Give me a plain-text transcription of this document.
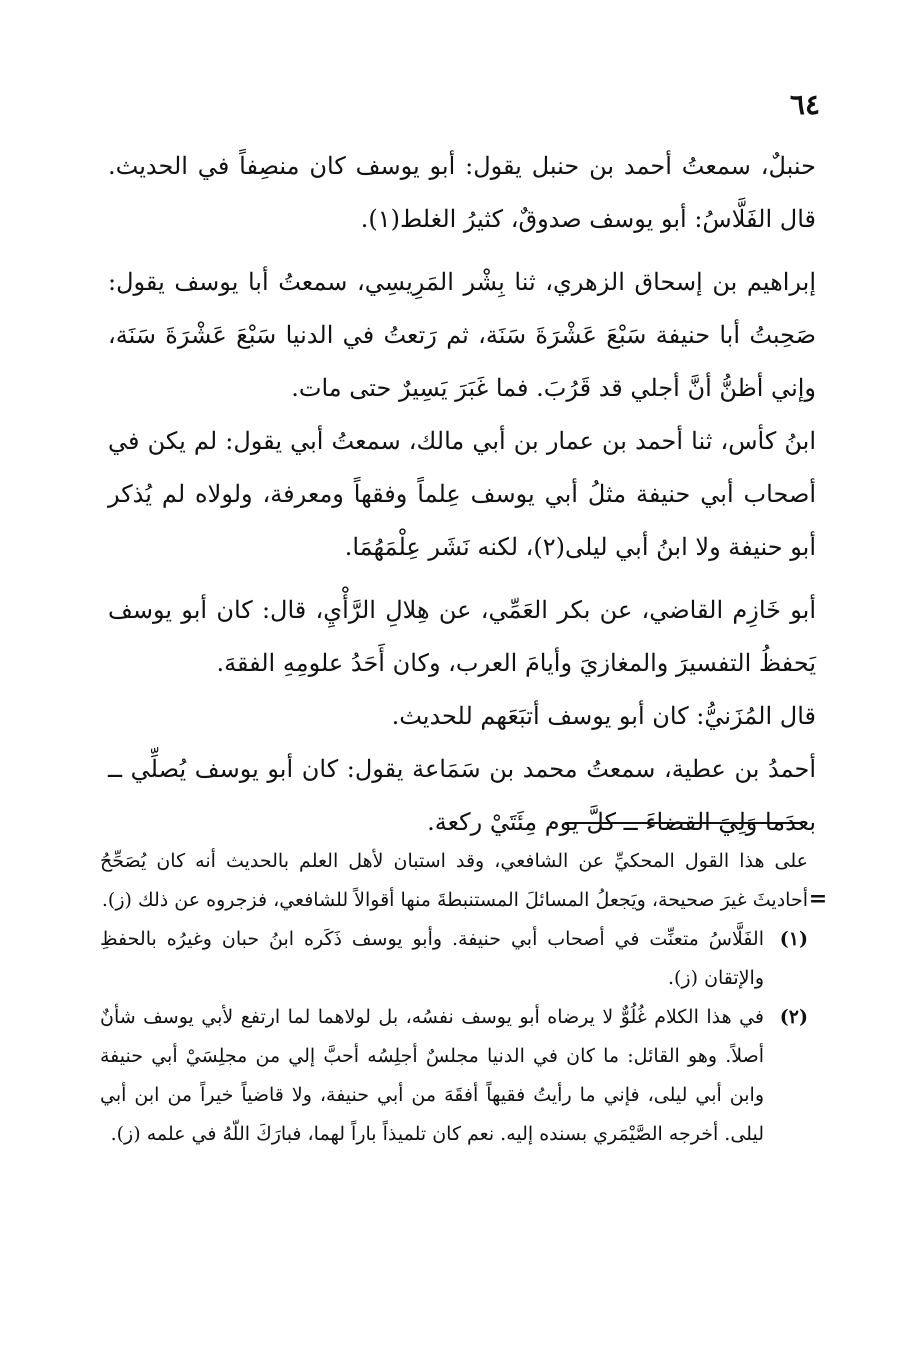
٦٤

حنبلٌ، سمعتُ أحمد بن حنبل يقول: أبو يوسف كان منصِفاً في الحديث. قال الفَلَّاسُ: أبو يوسف صدوقٌ، كثيرُ الغلط(١).

إبراهيم بن إسحاق الزهري، ثنا بِشْر المَرِيسِي، سمعتُ أبا يوسف يقول: صَحِبتُ أبا حنيفة سَبْعَ عَشْرَةَ سَنَة، ثم رَتعتُ في الدنيا سَبْعَ عَشْرَةَ سَنَة، وإني أظنُّ أنَّ أجلي قد قَرُبَ. فما غَبَرَ يَسِيرٌ حتى مات.

ابنُ كأس، ثنا أحمد بن عمار بن أبي مالك، سمعتُ أبي يقول: لم يكن في أصحاب أبي حنيفة مثلُ أبي يوسف عِلماً وفقهاً ومعرفة، ولولاه لم يُذكر أبو حنيفة ولا ابنُ أبي ليلى(٢)، لكنه نَشَر عِلْمَهُمَا.

أبو خَازِم القاضي، عن بكر العَمِّي، عن هِلالِ الرَّأْيِ، قال: كان أبو يوسف يَحفظُ التفسيرَ والمغازيَ وأيامَ العرب، وكان أَحَدُ علومِهِ الفقهَ.

قال المُزَنيُّ: كان أبو يوسف أتبَعَهم للحديث.

أحمدُ بن عطية، سمعتُ محمد بن سَمَاعة يقول: كان أبو يوسف يُصلِّي ــ بعدَما وَلِيَ القضاءَ ــ كلَّ يوم مِئَتَيْ ركعة.

=

على هذا القول المحكيِّ عن الشافعي، وقد استبان لأهل العلم بالحديث أنه كان يُصَحِّحُ أحاديثَ غيرَ صحيحة، ويَجعلُ المسائلَ المستنبطةَ منها أقوالاً للشافعي، فزجروه عن ذلك (ز).

(١)
الفَلَّاسُ متعنِّت في أصحاب أبي حنيفة. وأبو يوسف ذَكَره ابنُ حبان وغيرُه بالحفظِ والإتقان (ز).

(٢)
في هذا الكلام غُلُوٌّ لا يرضاه أبو يوسف نفسُه، بل لولاهما لما ارتفع لأبي يوسف شأنٌ أصلاً. وهو القائل: ما كان في الدنيا مجلسٌ أجلِسُه أحبَّ إلي من مجلِسَيْ أبي حنيفة وابن أبي ليلى، فإني ما رأيتُ فقيهاً أفقَهَ من أبي حنيفة، ولا قاضياً خيراً من ابن أبي ليلى. أخرجه الصَّيْمَري بسنده إليه. نعم كان تلميذاً باراً لهما، فبارَكَ اللّهُ في علمه (ز).
